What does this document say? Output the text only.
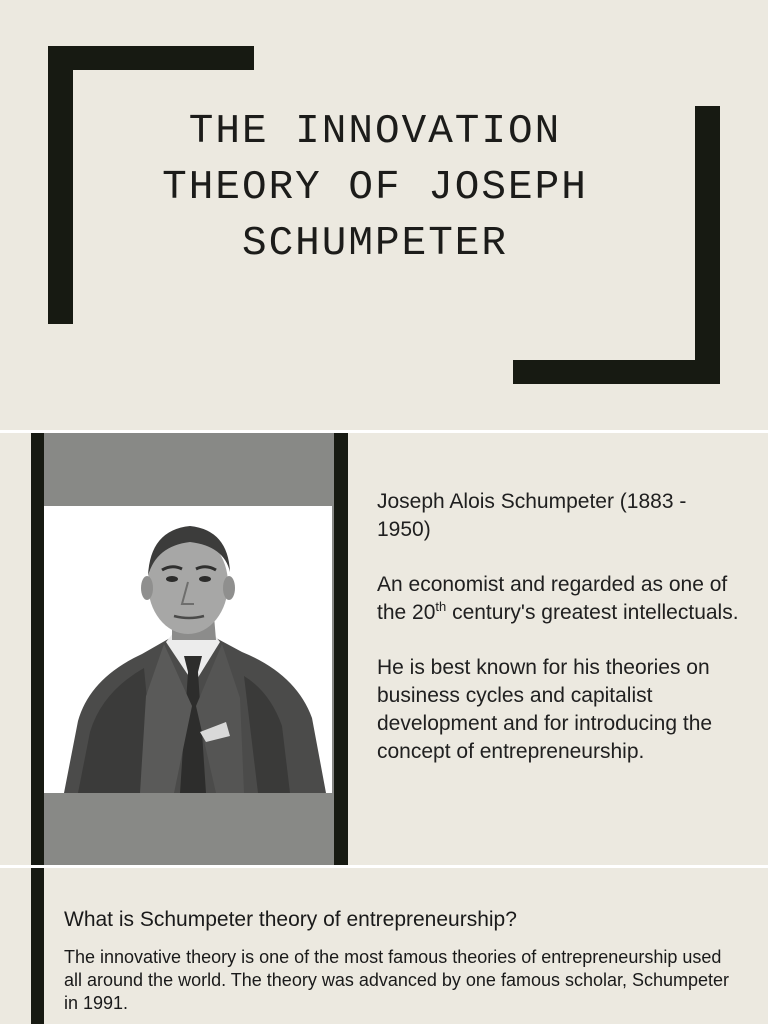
THE INNOVATION
THEORY OF JOSEPH
SCHUMPETER

Joseph Alois Schumpeter (1883 -
1950)

An economist and regarded as one of the 20th century's greatest intellectuals.

He is best known for his theories on business cycles and capitalist development and for introducing the concept of entrepreneurship.

What is Schumpeter theory of entrepreneurship?

The innovative theory is one of the most famous theories of entrepreneurship used all around the world. The theory was advanced by one famous scholar, Schumpeter in 1991.
